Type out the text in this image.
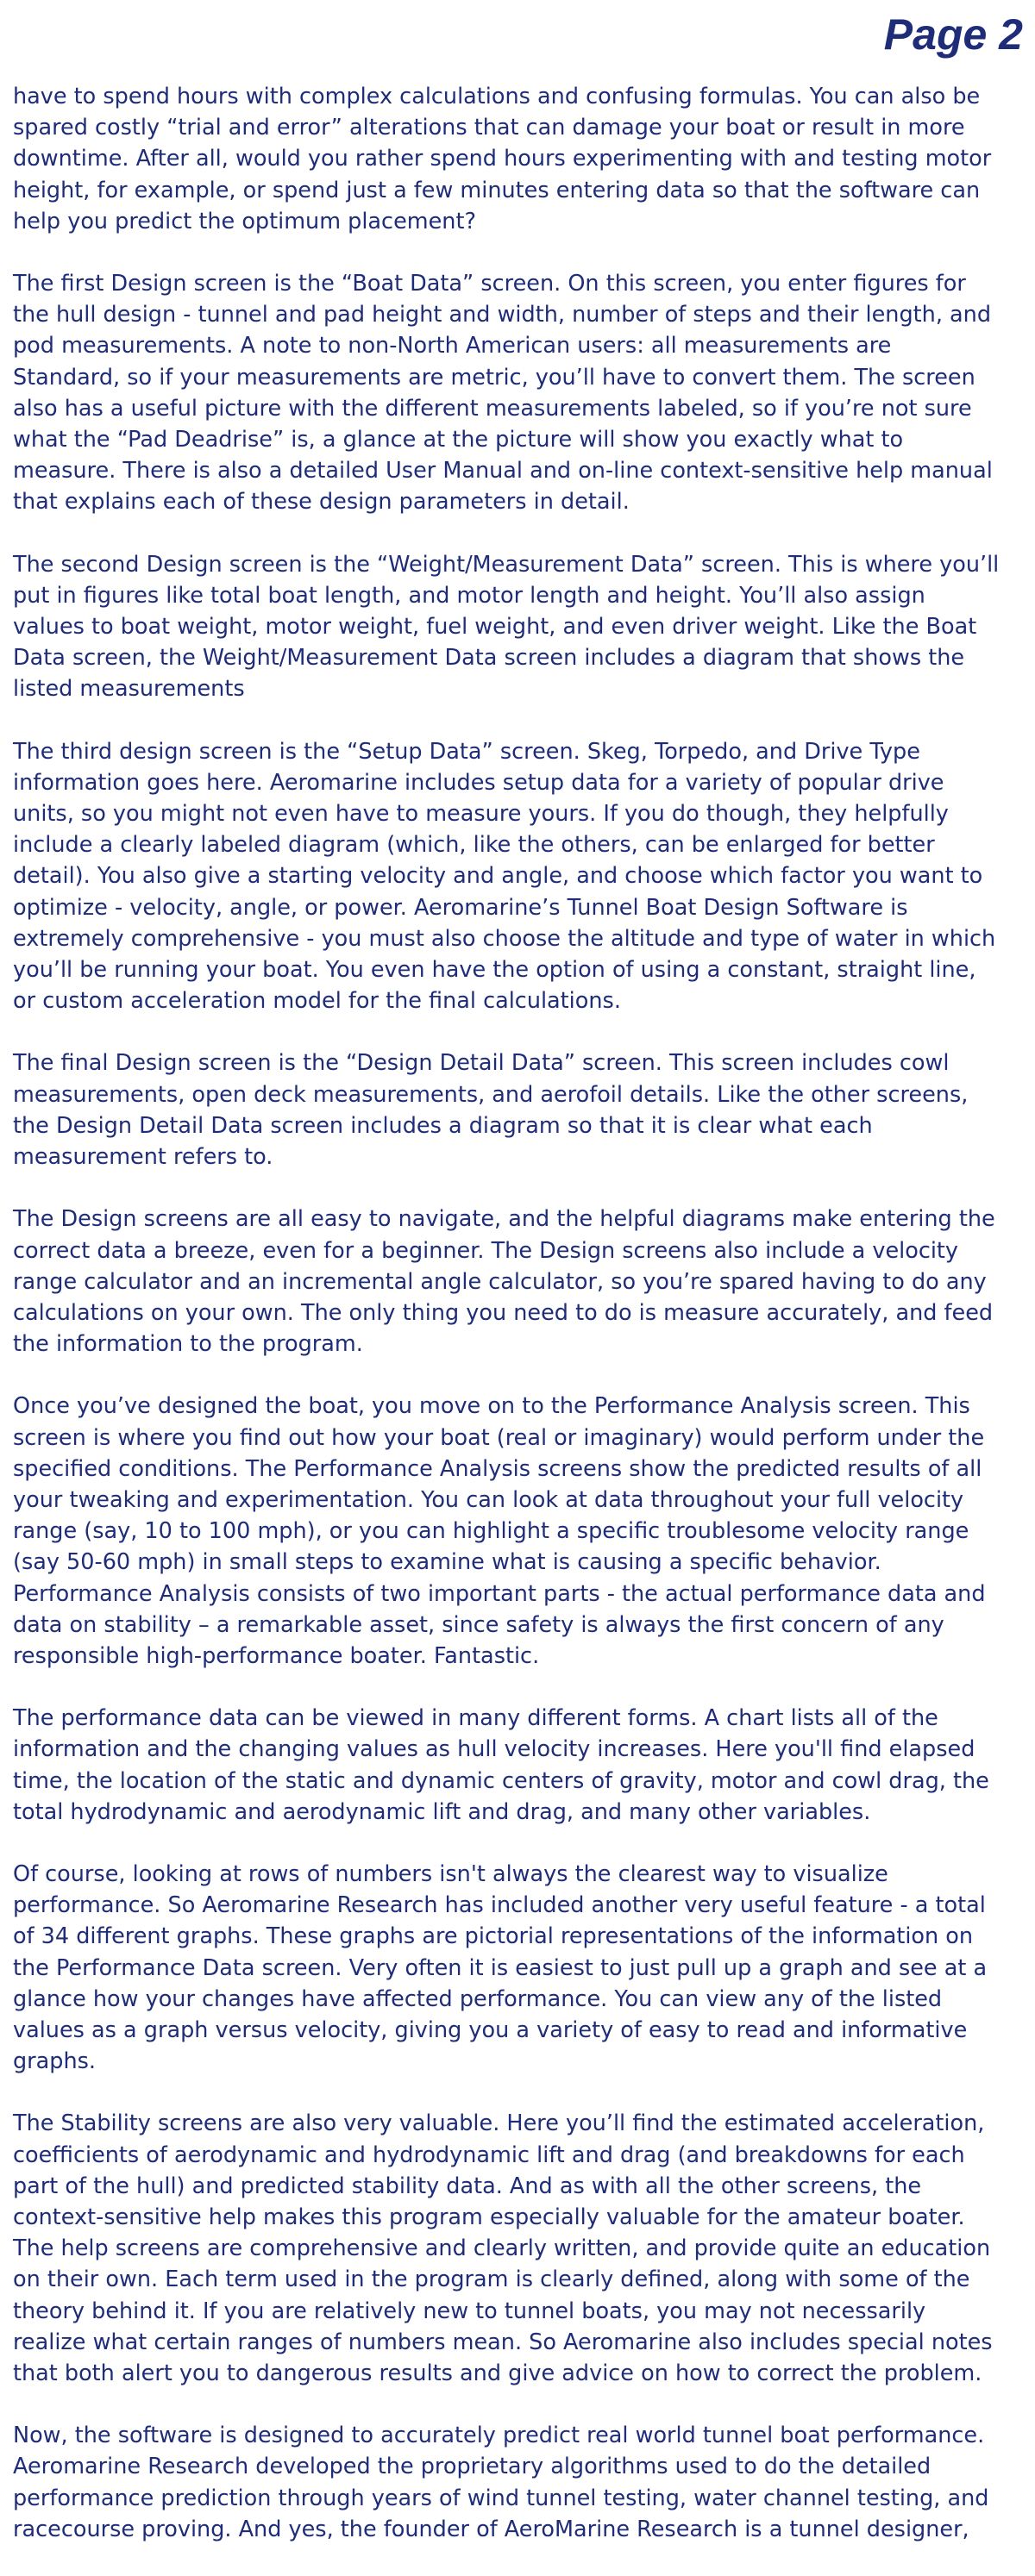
Page 2

have to spend hours with complex calculations and confusing formulas. You can also be
spared costly “trial and error” alterations that can damage your boat or result in more
downtime. After all, would you rather spend hours experimenting with and testing motor
height, for example, or spend just a few minutes entering data so that the software can
help you predict the optimum placement?

The first Design screen is the “Boat Data” screen. On this screen, you enter figures for
the hull design - tunnel and pad height and width, number of steps and their length, and
pod measurements. A note to non-North American users: all measurements are
Standard, so if your measurements are metric, you’ll have to convert them. The screen
also has a useful picture with the different measurements labeled, so if you’re not sure
what the “Pad Deadrise” is, a glance at the picture will show you exactly what to
measure. There is also a detailed User Manual and on-line context-sensitive help manual
that explains each of these design parameters in detail.

The second Design screen is the “Weight/Measurement Data” screen. This is where you’ll
put in figures like total boat length, and motor length and height. You’ll also assign
values to boat weight, motor weight, fuel weight, and even driver weight. Like the Boat
Data screen, the Weight/Measurement Data screen includes a diagram that shows the
listed measurements

The third design screen is the “Setup Data” screen. Skeg, Torpedo, and Drive Type
information goes here. Aeromarine includes setup data for a variety of popular drive
units, so you might not even have to measure yours. If you do though, they helpfully
include a clearly labeled diagram (which, like the others, can be enlarged for better
detail). You also give a starting velocity and angle, and choose which factor you want to
optimize - velocity, angle, or power. Aeromarine’s Tunnel Boat Design Software is
extremely comprehensive - you must also choose the altitude and type of water in which
you’ll be running your boat. You even have the option of using a constant, straight line,
or custom acceleration model for the final calculations.

The final Design screen is the “Design Detail Data” screen. This screen includes cowl
measurements, open deck measurements, and aerofoil details. Like the other screens,
the Design Detail Data screen includes a diagram so that it is clear what each
measurement refers to.

The Design screens are all easy to navigate, and the helpful diagrams make entering the
correct data a breeze, even for a beginner. The Design screens also include a velocity
range calculator and an incremental angle calculator, so you’re spared having to do any
calculations on your own. The only thing you need to do is measure accurately, and feed
the information to the program.

Once you’ve designed the boat, you move on to the Performance Analysis screen. This
screen is where you find out how your boat (real or imaginary) would perform under the
specified conditions. The Performance Analysis screens show the predicted results of all
your tweaking and experimentation. You can look at data throughout your full velocity
range (say, 10 to 100 mph), or you can highlight a specific troublesome velocity range
(say 50-60 mph) in small steps to examine what is causing a specific behavior.
Performance Analysis consists of two important parts - the actual performance data and
data on stability – a remarkable asset, since safety is always the first concern of any
responsible high-performance boater. Fantastic.

The performance data can be viewed in many different forms. A chart lists all of the
information and the changing values as hull velocity increases. Here you'll find elapsed
time, the location of the static and dynamic centers of gravity, motor and cowl drag, the
total hydrodynamic and aerodynamic lift and drag, and many other variables.

Of course, looking at rows of numbers isn't always the clearest way to visualize
performance. So Aeromarine Research has included another very useful feature - a total
of 34 different graphs. These graphs are pictorial representations of the information on
the Performance Data screen. Very often it is easiest to just pull up a graph and see at a
glance how your changes have affected performance. You can view any of the listed
values as a graph versus velocity, giving you a variety of easy to read and informative
graphs.

The Stability screens are also very valuable. Here you’ll find the estimated acceleration,
coefficients of aerodynamic and hydrodynamic lift and drag (and breakdowns for each
part of the hull) and predicted stability data. And as with all the other screens, the
context-sensitive help makes this program especially valuable for the amateur boater.
The help screens are comprehensive and clearly written, and provide quite an education
on their own. Each term used in the program is clearly defined, along with some of the
theory behind it. If you are relatively new to tunnel boats, you may not necessarily
realize what certain ranges of numbers mean. So Aeromarine also includes special notes
that both alert you to dangerous results and give advice on how to correct the problem.

Now, the software is designed to accurately predict real world tunnel boat performance.
Aeromarine Research developed the proprietary algorithms used to do the detailed
performance prediction through years of wind tunnel testing, water channel testing, and
racecourse proving. And yes, the founder of AeroMarine Research is a tunnel designer,
